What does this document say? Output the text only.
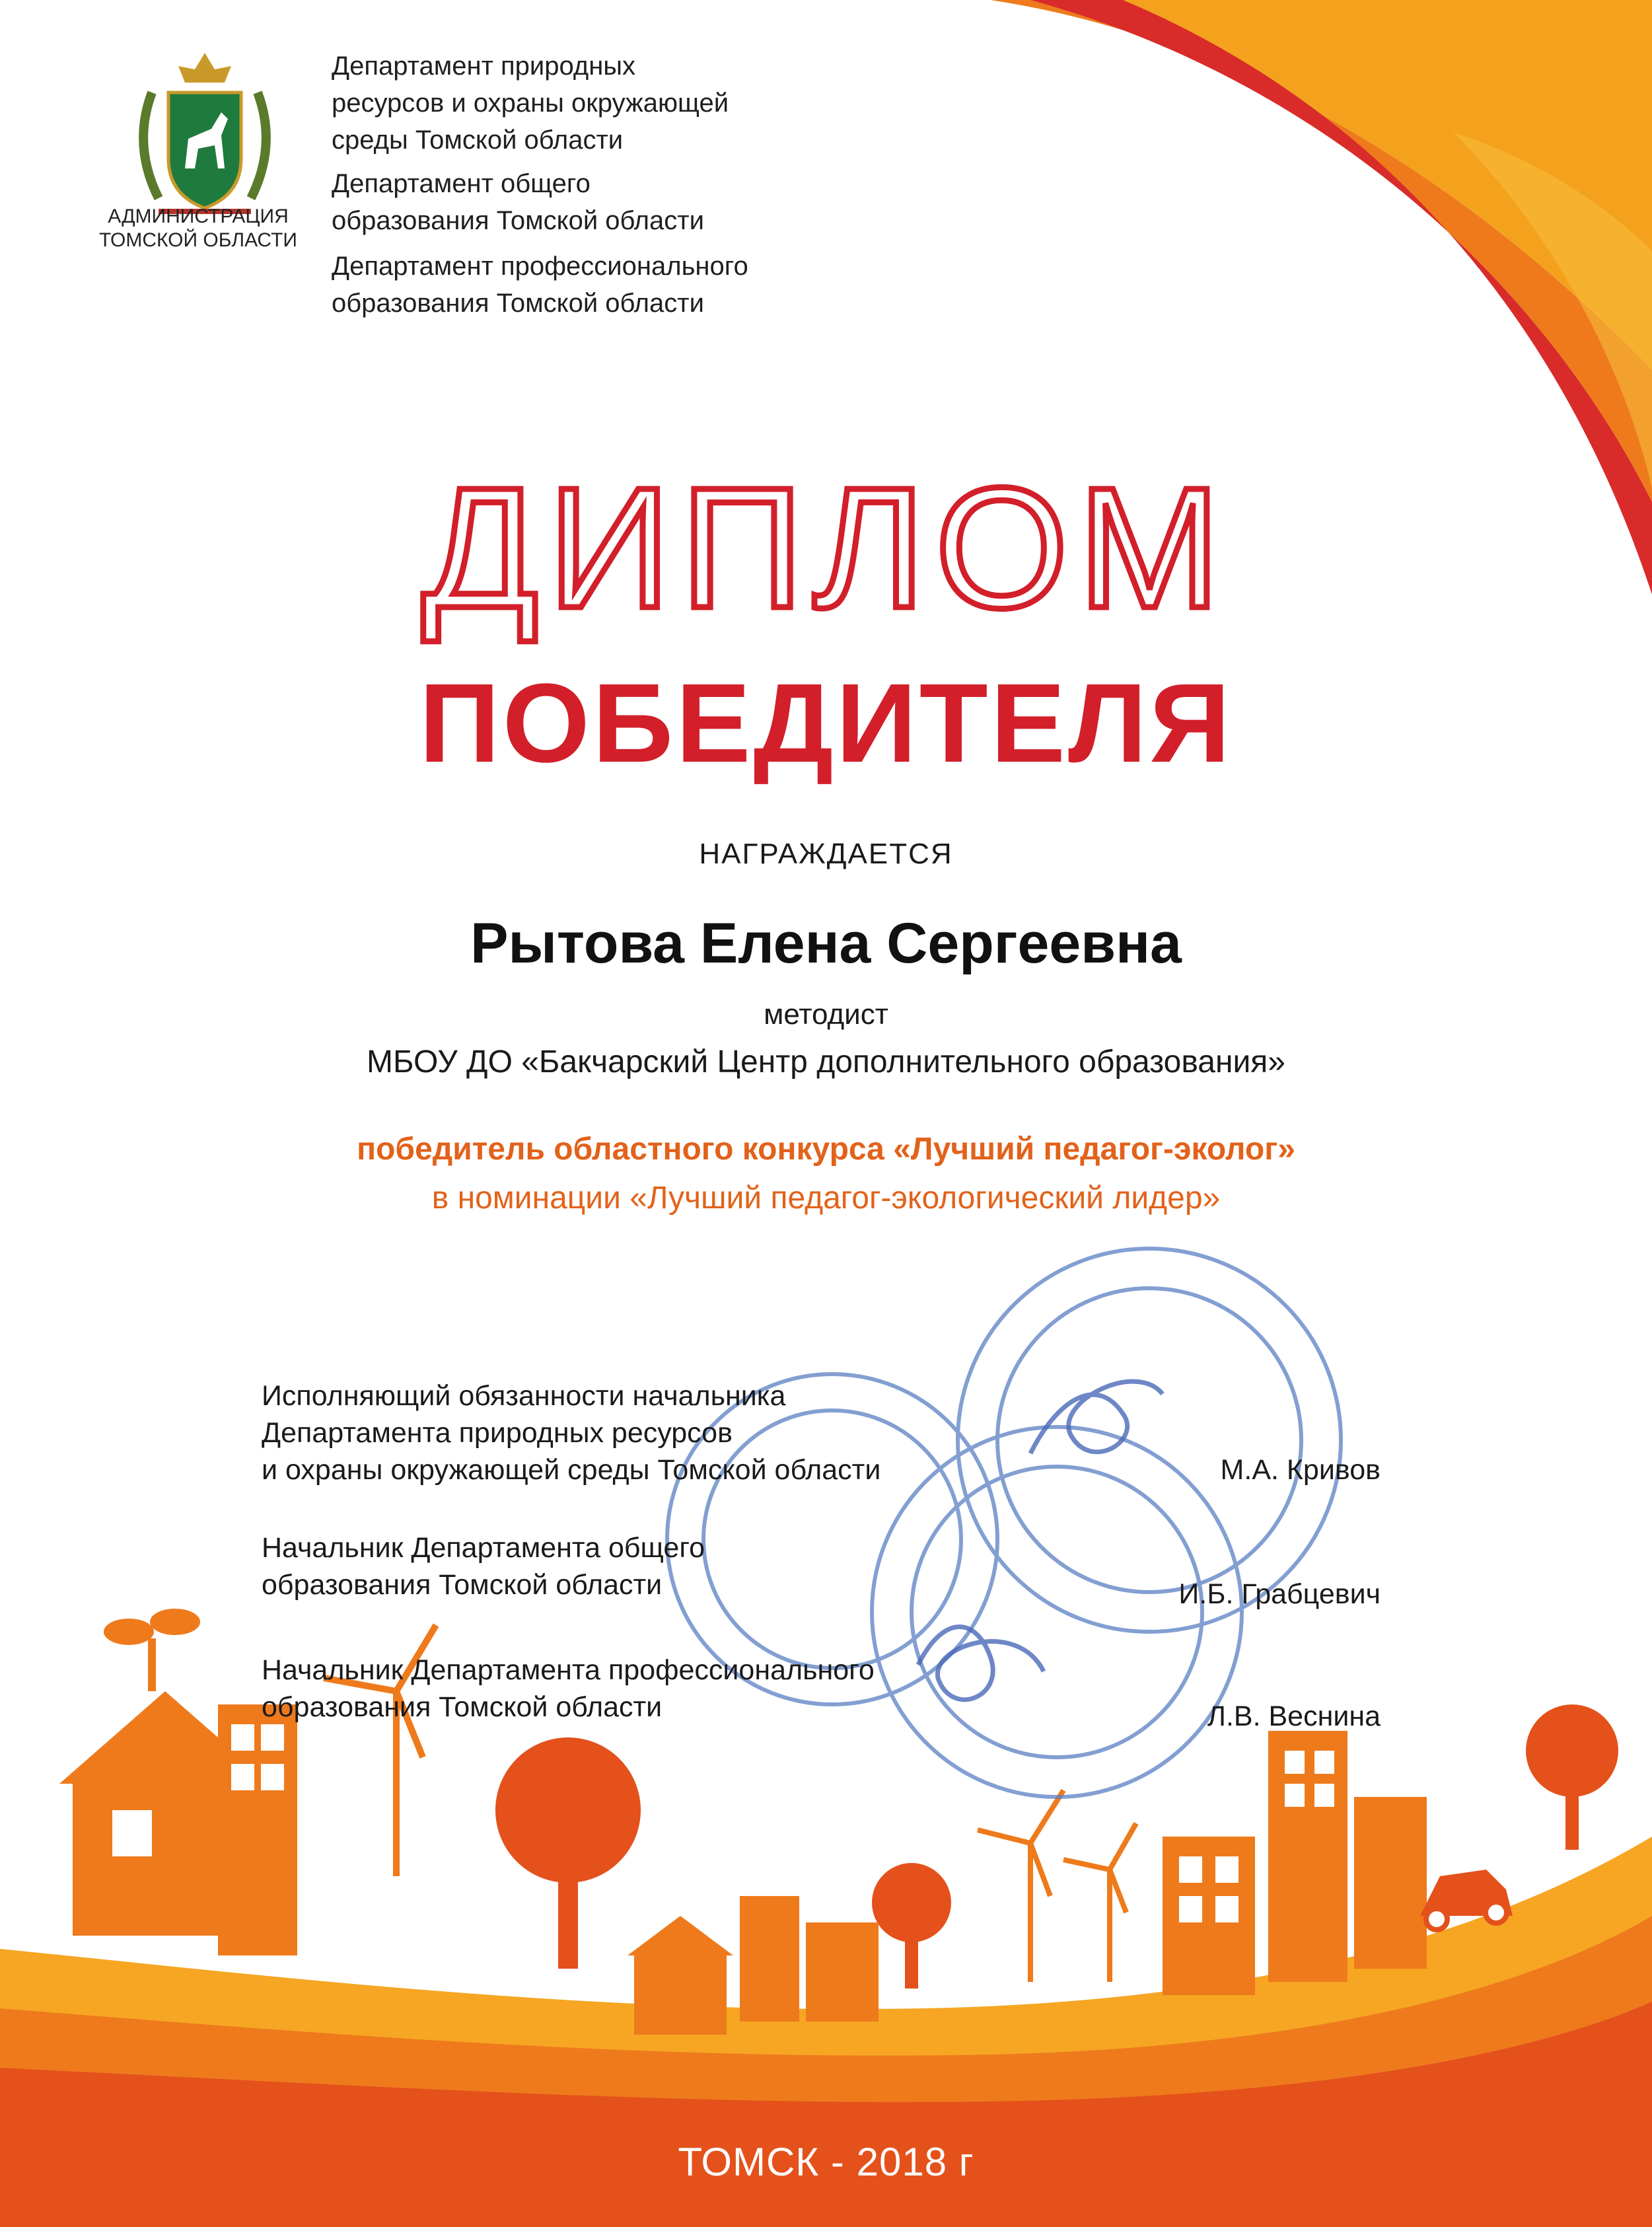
АДМИНИСТРАЦИЯ
ТОМСКОЙ ОБЛАСТИ
Департамент природных
ресурсов и охраны окружающей
среды Томской области
Департамент общего
образования Томской области
Департамент профессионального
образования Томской области
ДИПЛОМ
ПОБЕДИТЕЛЯ
НАГРАЖДАЕТСЯ
Рытова Елена Сергеевна
методист
МБОУ ДО «Бакчарский Центр дополнительного образования»
победитель областного конкурса «Лучший педагог-эколог»
в номинации «Лучший педагог-экологический лидер»
Исполняющий обязанности начальника
Департамента природных ресурсов
и охраны окружающей среды Томской области	М.А. Кривов
Начальник Департамента общего
образования Томской области	И.Б. Грабцевич
Начальник Департамента профессионального
образования Томской области	Л.В. Веснина
ТОМСК - 2018 г
